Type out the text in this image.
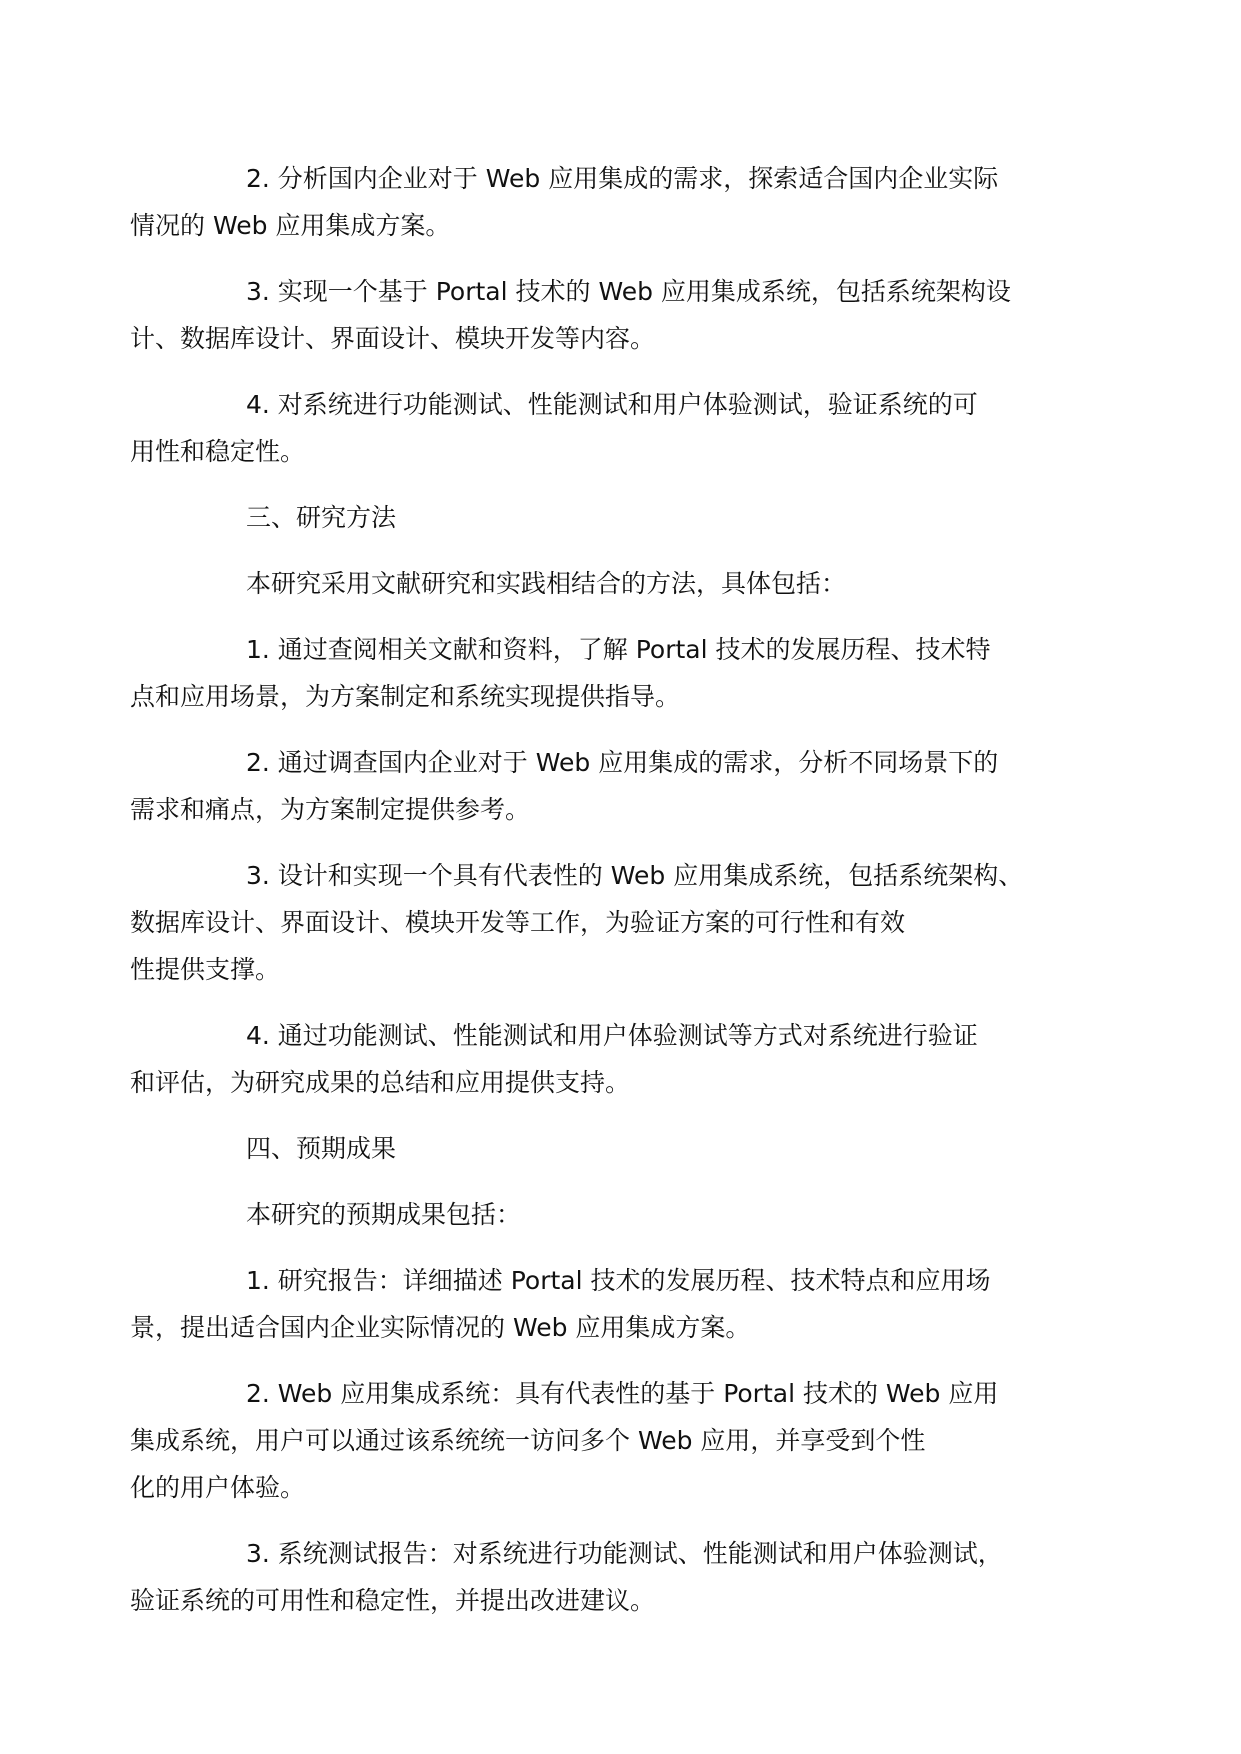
2. 分析国内企业对于 Web 应用集成的需求，探索适合国内企业实际
情况的 Web 应用集成方案。

3. 实现一个基于 Portal 技术的 Web 应用集成系统，包括系统架构设
计、数据库设计、界面设计、模块开发等内容。

4. 对系统进行功能测试、性能测试和用户体验测试，验证系统的可
用性和稳定性。

三、研究方法

本研究采用文献研究和实践相结合的方法，具体包括：

1. 通过查阅相关文献和资料，了解 Portal 技术的发展历程、技术特
点和应用场景，为方案制定和系统实现提供指导。

2. 通过调查国内企业对于 Web 应用集成的需求，分析不同场景下的
需求和痛点，为方案制定提供参考。

3. 设计和实现一个具有代表性的 Web 应用集成系统，包括系统架构、
数据库设计、界面设计、模块开发等工作，为验证方案的可行性和有效
性提供支撑。

4. 通过功能测试、性能测试和用户体验测试等方式对系统进行验证
和评估，为研究成果的总结和应用提供支持。

四、预期成果

本研究的预期成果包括：

1. 研究报告：详细描述 Portal 技术的发展历程、技术特点和应用场
景，提出适合国内企业实际情况的 Web 应用集成方案。

2. Web 应用集成系统：具有代表性的基于 Portal 技术的 Web 应用
集成系统，用户可以通过该系统统一访问多个 Web 应用，并享受到个性
化的用户体验。

3. 系统测试报告：对系统进行功能测试、性能测试和用户体验测试，
验证系统的可用性和稳定性，并提出改进建议。
